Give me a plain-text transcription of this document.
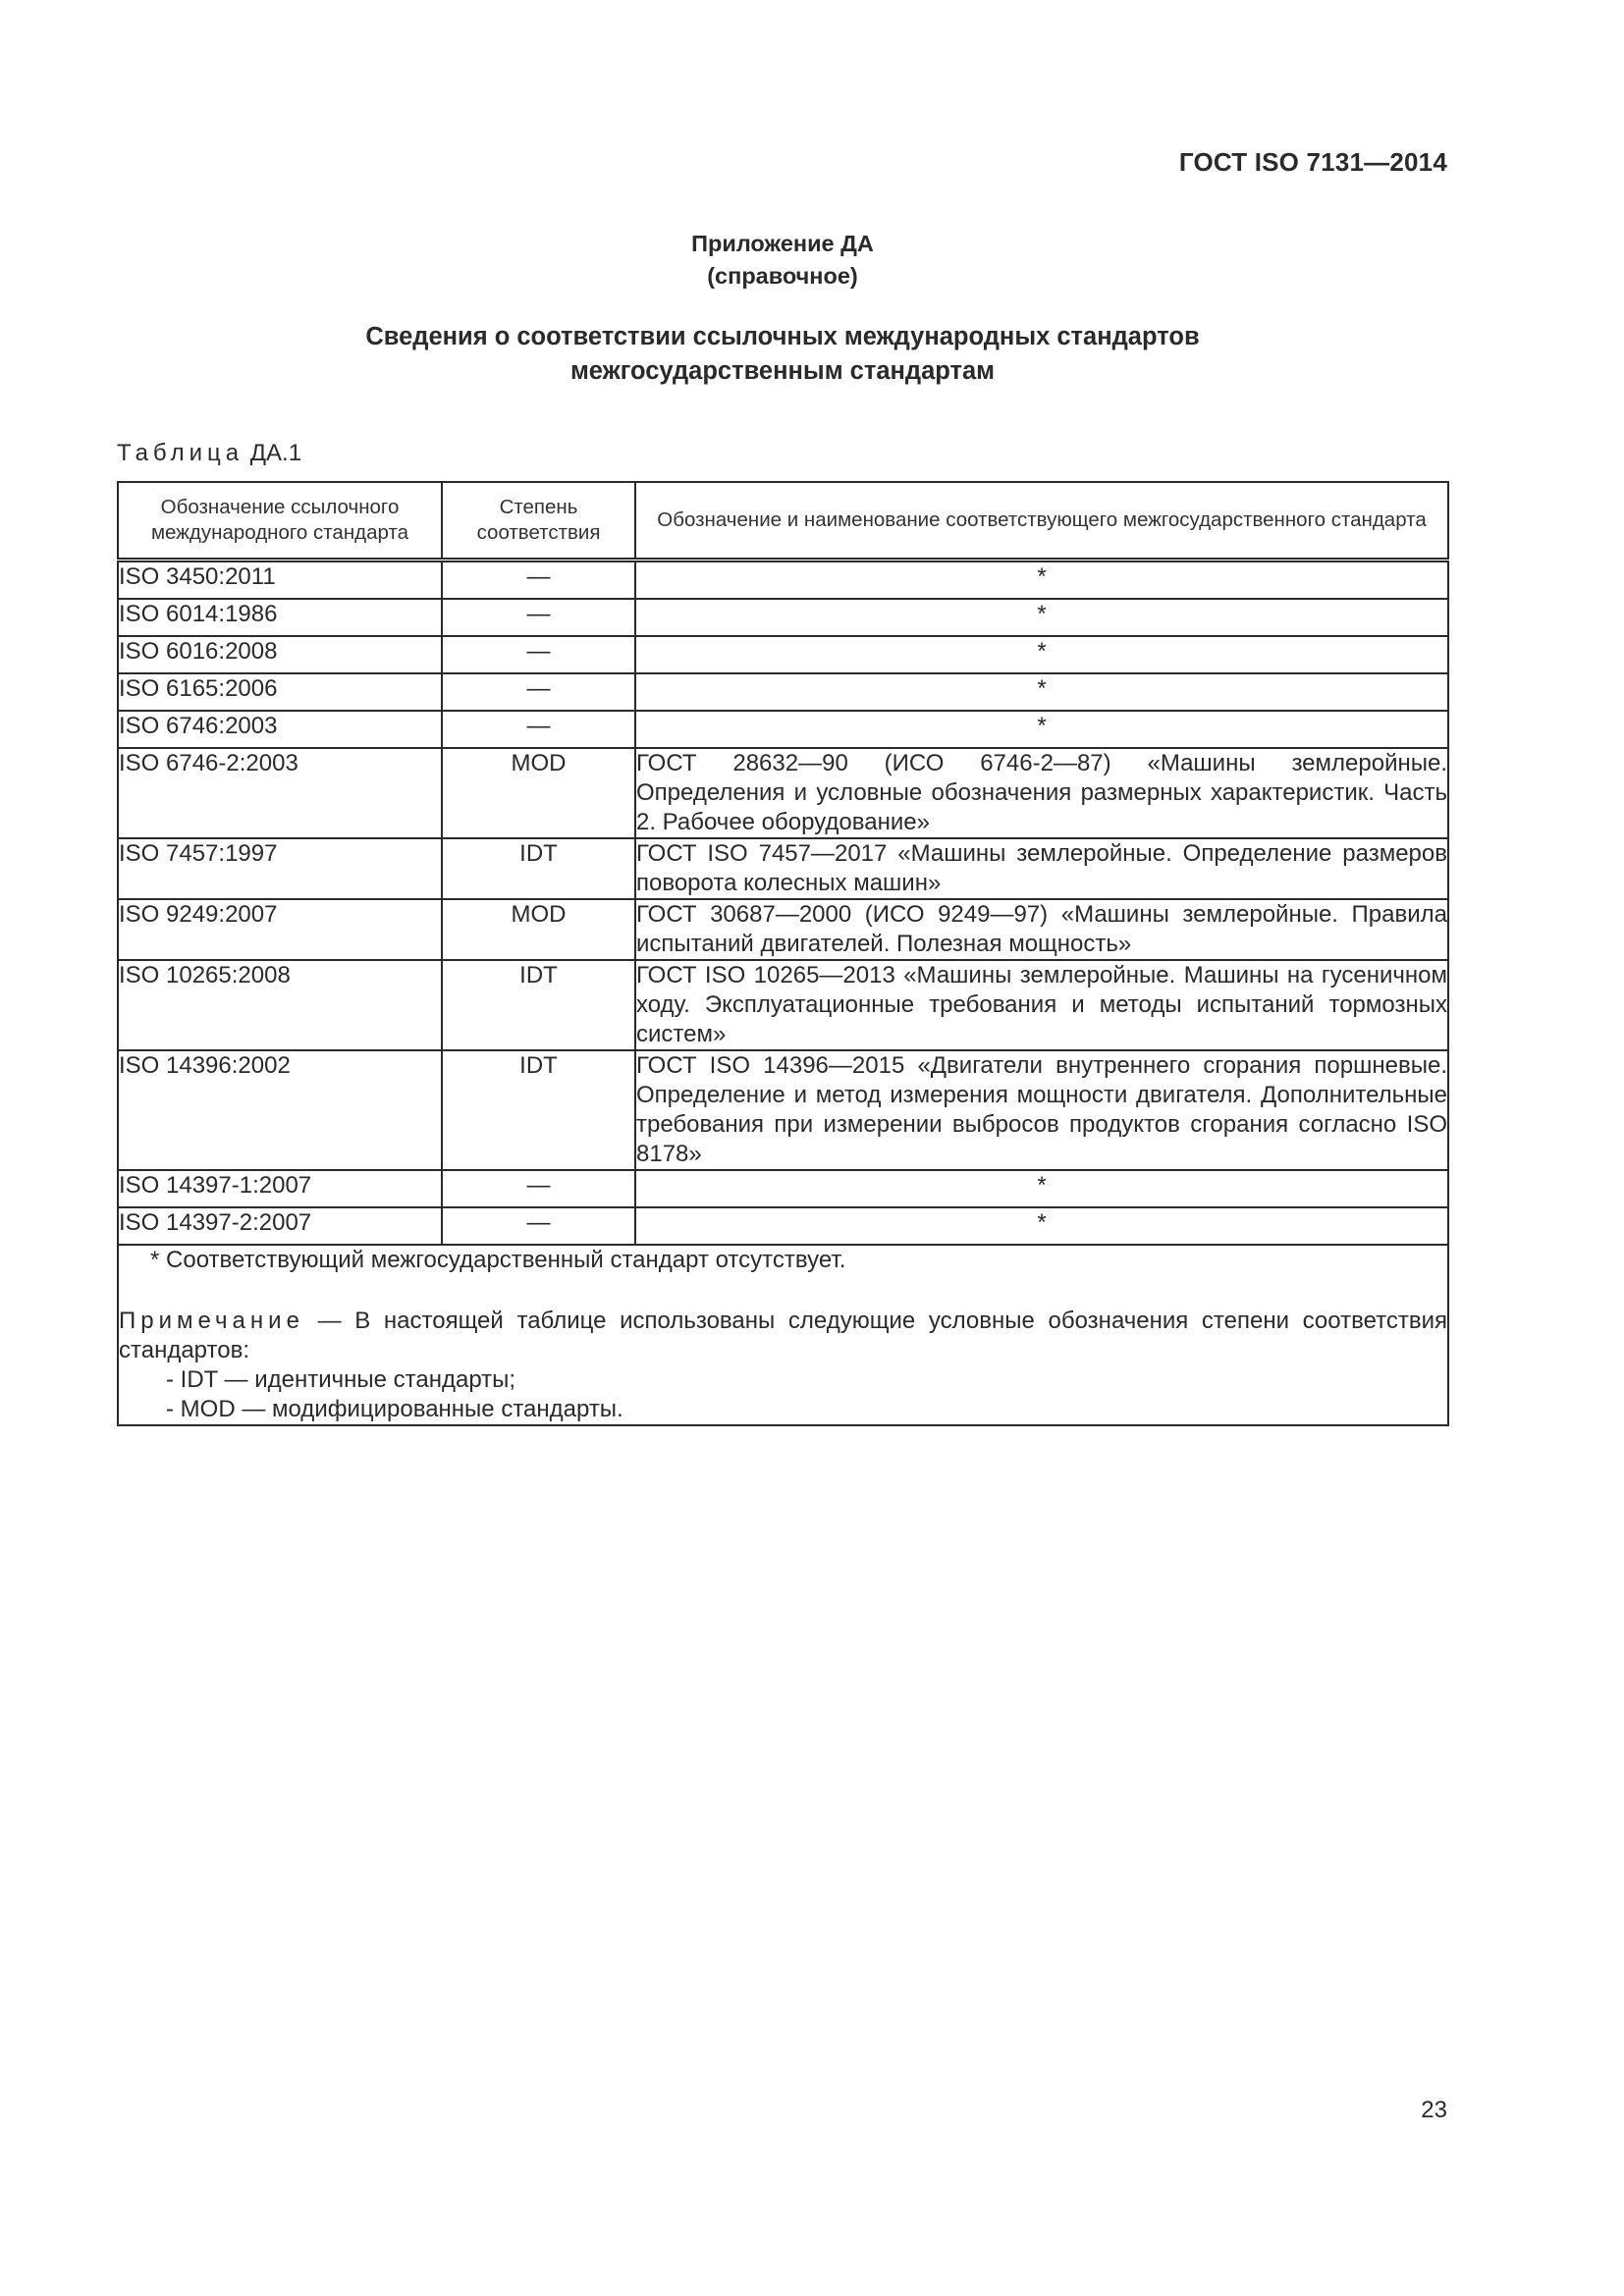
ГОСТ ISO 7131—2014
Приложение ДА
(справочное)
Сведения о соответствии ссылочных международных стандартов
межгосударственным стандартам
Таблица ДА.1
Обозначение ссылочного международного стандарта	Степень соответствия	Обозначение и наименование соответствующего межгосударственного стандарта
ISO 3450:2011	—	*
ISO 6014:1986	—	*
ISO 6016:2008	—	*
ISO 6165:2006	—	*
ISO 6746:2003	—	*
ISO 6746-2:2003	MOD	ГОСТ 28632—90 (ИСО 6746-2—87) «Машины землеройные. Определения и условные обозначения размерных характеристик. Часть 2. Рабочее оборудование»
ISO 7457:1997	IDT	ГОСТ ISO 7457—2017 «Машины землеройные. Определение размеров поворота колесных машин»
ISO 9249:2007	MOD	ГОСТ 30687—2000 (ИСО 9249—97) «Машины землеройные. Правила испытаний двигателей. Полезная мощность»
ISO 10265:2008	IDT	ГОСТ ISO 10265—2013 «Машины землеройные. Машины на гусеничном ходу. Эксплуатационные требования и методы испытаний тормозных систем»
ISO 14396:2002	IDT	ГОСТ ISO 14396—2015 «Двигатели внутреннего сгорания поршневые. Определение и метод измерения мощности двигателя. Дополнительные требования при измерении выбросов продуктов сгорания согласно ISO 8178»
ISO 14397-1:2007	—	*
ISO 14397-2:2007	—	*

* Соответствующий межгосударственный стандарт отсутствует.
Примечание — В настоящей таблице использованы следующие условные обозначения степени соответствия стандартов:
- IDT — идентичные стандарты;
- MOD — модифицированные стандарты.		
23
